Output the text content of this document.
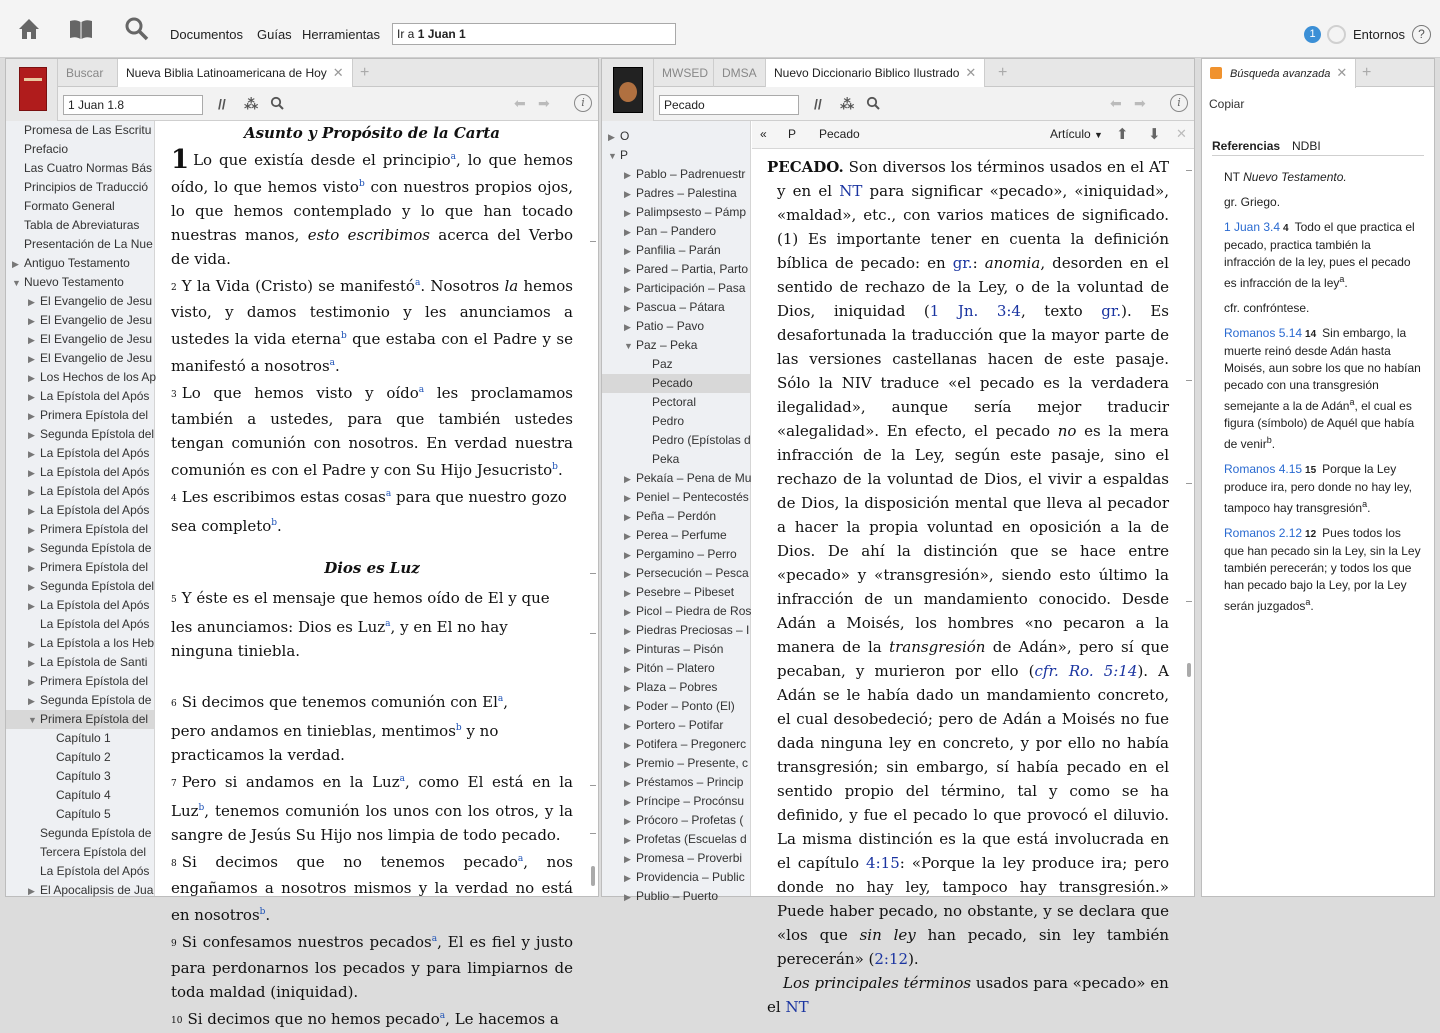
Documentos Guías Herramientas	Ir a 1 Juan 1	1	Entornos	?
Buscar	Nueva Biblia Latinoamericana de Hoy ✕	+
1 Juan 1.8	// ⁂	⬅ ➡	i
Promesa de Las Escritu
Prefacio
Las Cuatro Normas Bás
Principios de Traducció
Formato General
Tabla de Abreviaturas
Presentación de La Nue
▶ Antiguo Testamento
▼ Nuevo Testamento
▶ El Evangelio de Jesu
▶ El Evangelio de Jesu
▶ El Evangelio de Jesu
▶ El Evangelio de Jesu
▶ Los Hechos de los Ap
▶ La Epístola del Após
▶ Primera Epístola del
▶ Segunda Epístola del
▶ La Epístola del Após
▶ La Epístola del Após
▶ La Epístola del Após
▶ La Epístola del Após
▶ Primera Epístola del
▶ Segunda Epístola de
▶ Primera Epístola del
▶ Segunda Epístola del
▶ La Epístola del Após
La Epístola del Após
▶ La Epístola a los Heb
▶ La Epístola de Santi
▶ Primera Epístola del
▶ Segunda Epístola de
▼ Primera Epístola del
Capítulo 1
Capítulo 2
Capítulo 3
Capítulo 4
Capítulo 5
Segunda Epístola de
Tercera Epístola del
La Epístola del Após
▶ El Apocalipsis de Jua
Asunto y Propósito de la Carta

1 Lo que existía desde el principio$^a$, lo que hemos oído, lo que hemos visto$^b$ con nuestros propios ojos, lo que hemos contemplado y lo que han tocado nuestras manos, esto escribimos acerca del Verbo de vida.

2 Y la Vida (Cristo) se manifestó$^a$. Nosotros la hemos visto, y damos testimonio y les anunciamos a ustedes la vida eterna$^b$ que estaba con el Padre y se manifestó a nosotros$^a$.

3 Lo que hemos visto y oído$^a$ les proclamamos también a ustedes, para que también ustedes tengan comunión con nosotros. En verdad nuestra comunión es con el Padre y con Su Hijo Jesucristo$^b$.

4 Les escribimos estas cosas$^a$ para que nuestro gozo
sea completo$^b$.

Dios es Luz

5 Y éste es el mensaje que hemos oído de El y que les anunciamos: Dios es Luz$^a$, y en El no hay ninguna tiniebla.

6 Si decimos que tenemos comunión con El$^a$,
pero andamos en tinieblas, mentimos$^b$ y no
practicamos la verdad.

7 Pero si andamos en la Luz$^a$, como El está en la Luz$^b$, tenemos comunión los unos con los otros, y la sangre de Jesús Su Hijo nos limpia de todo pecado.

8 Si decimos que no tenemos pecado$^a$, nos engañamos a nosotros mismos y la verdad no está en nosotros$^b$.

9 Si confesamos nuestros pecados$^a$, El es fiel y justo para perdonarnos los pecados y para limpiarnos de toda maldad (iniquidad).

10 Si decimos que no hemos pecado$^a$, Le hacemos a

MWSED	DMSA	Nuevo Diccionario Biblico Ilustrado ✕	+
Pecado	// ⁂	⬅ ➡	i
▶ O
▼ P
▶ Pablo – Padrenuestr
▶ Padres – Palestina
▶ Palimpsesto – Pámp
▶ Pan – Pandero
▶ Panfilia – Parán
▶ Pared – Partia, Parto
▶ Participación – Pasa
▶ Pascua – Pátara
▶ Patio – Pavo
▼ Paz – Peka
Paz
Pecado
Pectoral
Pedro
Pedro (Epístolas d
Peka
▶ Pekaía – Pena de Mu
▶ Peniel – Pentecostés
▶ Peña – Perdón
▶ Perea – Perfume
▶ Pergamino – Perro
▶ Persecución – Pesca
▶ Pesebre – Pibeset
▶ Picol – Piedra de Ros
▶ Piedras Preciosas – I
▶ Pinturas – Pisón
▶ Pitón – Platero
▶ Plaza – Pobres
▶ Poder – Ponto (El)
▶ Portero – Potifar
▶ Potifera – Pregonerc
▶ Premio – Presente, c
▶ Préstamos – Princip
▶ Príncipe – Procónsu
▶ Prócoro – Profetas (
▶ Profetas (Escuelas d
▶ Promesa – Proverbi
▶ Providencia – Public
▶ Publio – Puerto
« P Pecado	Artículo ▼ ⬆ ⬇ ✕

PECADO. Son diversos los términos usados en el AT y en el NT para significar «pecado», «iniquidad», «maldad», etc., con varios matices de significado. (1) Es importante tener en cuenta la definición bíblica de pecado: en gr.: anomia, desorden en el sentido de rechazo de la Ley, o de la voluntad de Dios, iniquidad (1 Jn. 3:4, texto gr.). Es desafortunada la traducción que la mayor parte de las versiones castellanas hacen de este pasaje. Sólo la NIV traduce «el pecado es la verdadera ilegalidad», aunque sería mejor traducir «alegalidad». En efecto, el pecado no es la mera infracción de la Ley, según este pasaje, sino el rechazo de la voluntad de Dios, el vivir a espaldas de Dios, la disposición mental que lleva al pecador a hacer la propia voluntad en oposición a la de Dios. De ahí la distinción que se hace entre «pecado» y «transgresión», siendo esto último la infracción de un mandamiento conocido. Desde Adán a Moisés, los hombres «no pecaron a la manera de la transgresión de Adán», pero sí que pecaban, y murieron por ello (cfr. Ro. 5:14). A Adán se le había dado un mandamiento concreto, el cual desobedeció; pero de Adán a Moisés no fue dada ninguna ley en concreto, y por ello no había transgresión; sin embargo, sí había pecado en el sentido propio del término, tal y como se ha definido, y fue el pecado lo que provocó el diluvio. La misma distinción es la que está involucrada en el capítulo 4:15: «Porque la ley produce ira; pero donde no hay ley, tampoco hay transgresión.» Puede haber pecado, no obstante, y se declara que «los que sin ley han pecado, sin ley también perecerán» (2:12).

Los principales términos usados para «pecado» en el NT

Búsqueda avanzada ✕ +
Copiar
Referencias NDBI

NT Nuevo Testamento.

gr. Griego.

1 Juan 3.4 4 Todo el que practica el pecado, practica también la infracción de la ley, pues el pecado es infracción de la ley$^a$.

cfr. confróntese.

Romanos 5.14 14 Sin embargo, la muerte reinó desde Adán hasta Moisés, aun sobre los que no habían pecado con una transgresión semejante a la de Adán$^a$, el cual es figura (símbolo) de Aquél que había de venir$^b$.

Romanos 4.15 15 Porque la Ley produce ira, pero donde no hay ley, tampoco hay transgresión$^a$.

Romanos 2.12 12 Pues todos los que han pecado sin la Ley, sin la Ley también perecerán; y todos los que han pecado bajo la Ley, por la Ley serán juzgados$^a$.
